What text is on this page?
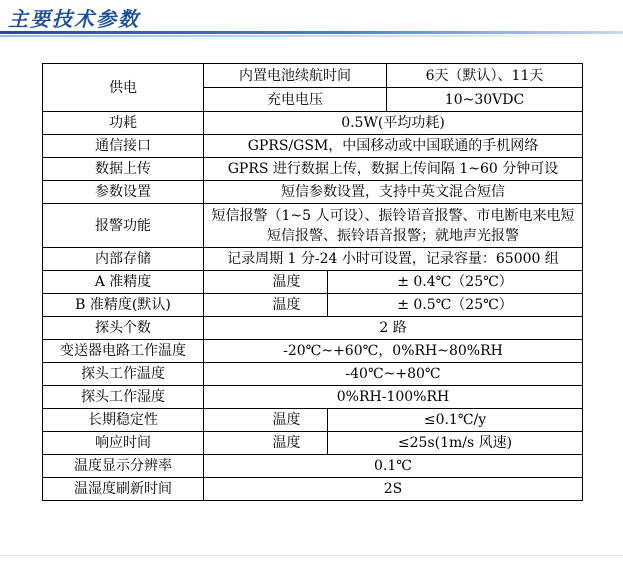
主要技术参数
供电	内置电池续航时间		6天（默认）、11天
	充电电压		10~30VDC
功耗	0.5W(平均功耗)		
通信接口	GPRS/GSM，中国移动或中国联通的手机网络		
数据上传	GPRS 进行数据上传，数据上传间隔 1~60 分钟可设		
参数设置	短信参数设置，支持中英文混合短信		
报警功能	短信报警（1~5 人可设）、振铃语音报警、市电断电来电短短信报警、振铃语音报警；就地声光报警		
内部存储	记录周期 1 分-24 小时可设置，记录容量：65000 组		
A 准精度	温度	± 0.4℃（25℃）	
B 准精度(默认)	温度	± 0.5℃（25℃）	
探头个数	2 路		
变送器电路工作温度	-20℃~+60℃，0%RH~80%RH		
探头工作温度	-40℃~+80℃		
探头工作湿度	0%RH-100%RH		
长期稳定性	温度	≤0.1℃/y	
响应时间	温度	≤25s(1m/s 风速)	
温度显示分辨率	0.1℃		
温湿度刷新时间	2S		
